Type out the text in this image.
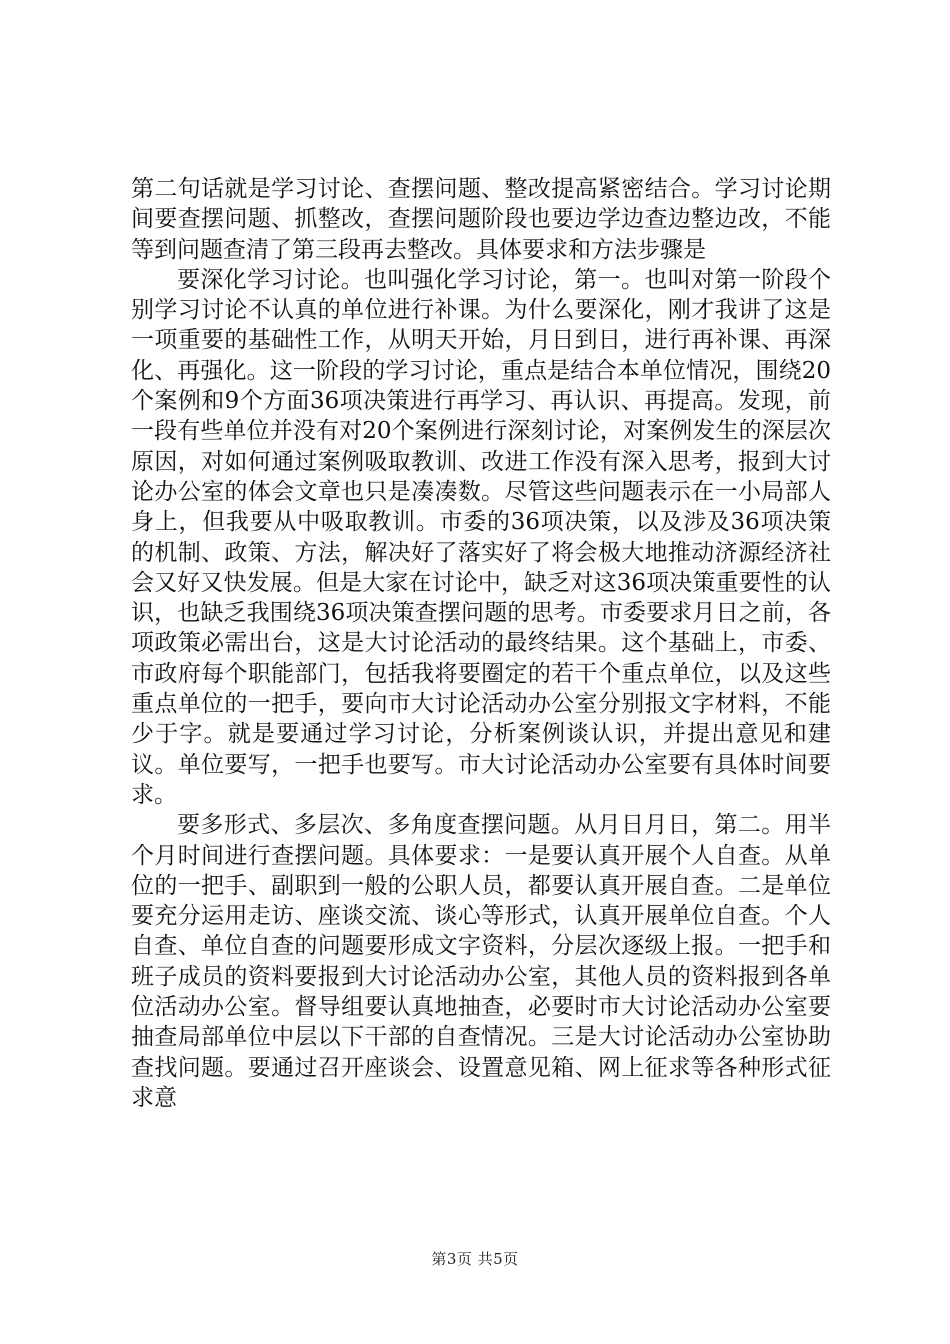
第二句话就是学习讨论、查摆问题、整改提高紧密结合。学习讨论期间要查摆问题、抓整改，查摆问题阶段也要边学边查边整边改，不能等到问题查清了第三段再去整改。具体要求和方法步骤是

要深化学习讨论。也叫强化学习讨论，第一。也叫对第一阶段个别学习讨论不认真的单位进行补课。为什么要深化，刚才我讲了这是一项重要的基础性工作，从明天开始，月日到日，进行再补课、再深化、再强化。这一阶段的学习讨论，重点是结合本单位情况，围绕20个案例和9个方面36项决策进行再学习、再认识、再提高。发现，前一段有些单位并没有对20个案例进行深刻讨论，对案例发生的深层次原因，对如何通过案例吸取教训、改进工作没有深入思考，报到大讨论办公室的体会文章也只是凑凑数。尽管这些问题表示在一小局部人身上，但我要从中吸取教训。市委的36项决策，以及涉及36项决策的机制、政策、方法，解决好了落实好了将会极大地推动济源经济社会又好又快发展。但是大家在讨论中，缺乏对这36项决策重要性的认识，也缺乏我围绕36项决策查摆问题的思考。市委要求月日之前，各项政策必需出台，这是大讨论活动的最终结果。这个基础上，市委、市政府每个职能部门，包括我将要圈定的若干个重点单位，以及这些重点单位的一把手，要向市大讨论活动办公室分别报文字材料，不能少于字。就是要通过学习讨论，分析案例谈认识，并提出意见和建议。单位要写，一把手也要写。市大讨论活动办公室要有具体时间要求。

要多形式、多层次、多角度查摆问题。从月日月日，第二。用半个月时间进行查摆问题。具体要求：一是要认真开展个人自查。从单位的一把手、副职到一般的公职人员，都要认真开展自查。二是单位要充分运用走访、座谈交流、谈心等形式，认真开展单位自查。个人自查、单位自查的问题要形成文字资料，分层次逐级上报。一把手和班子成员的资料要报到大讨论活动办公室，其他人员的资料报到各单位活动办公室。督导组要认真地抽查，必要时市大讨论活动办公室要抽查局部单位中层以下干部的自查情况。三是大讨论活动办公室协助查找问题。要通过召开座谈会、设置意见箱、网上征求等各种形式征求意

第3页 共5页
